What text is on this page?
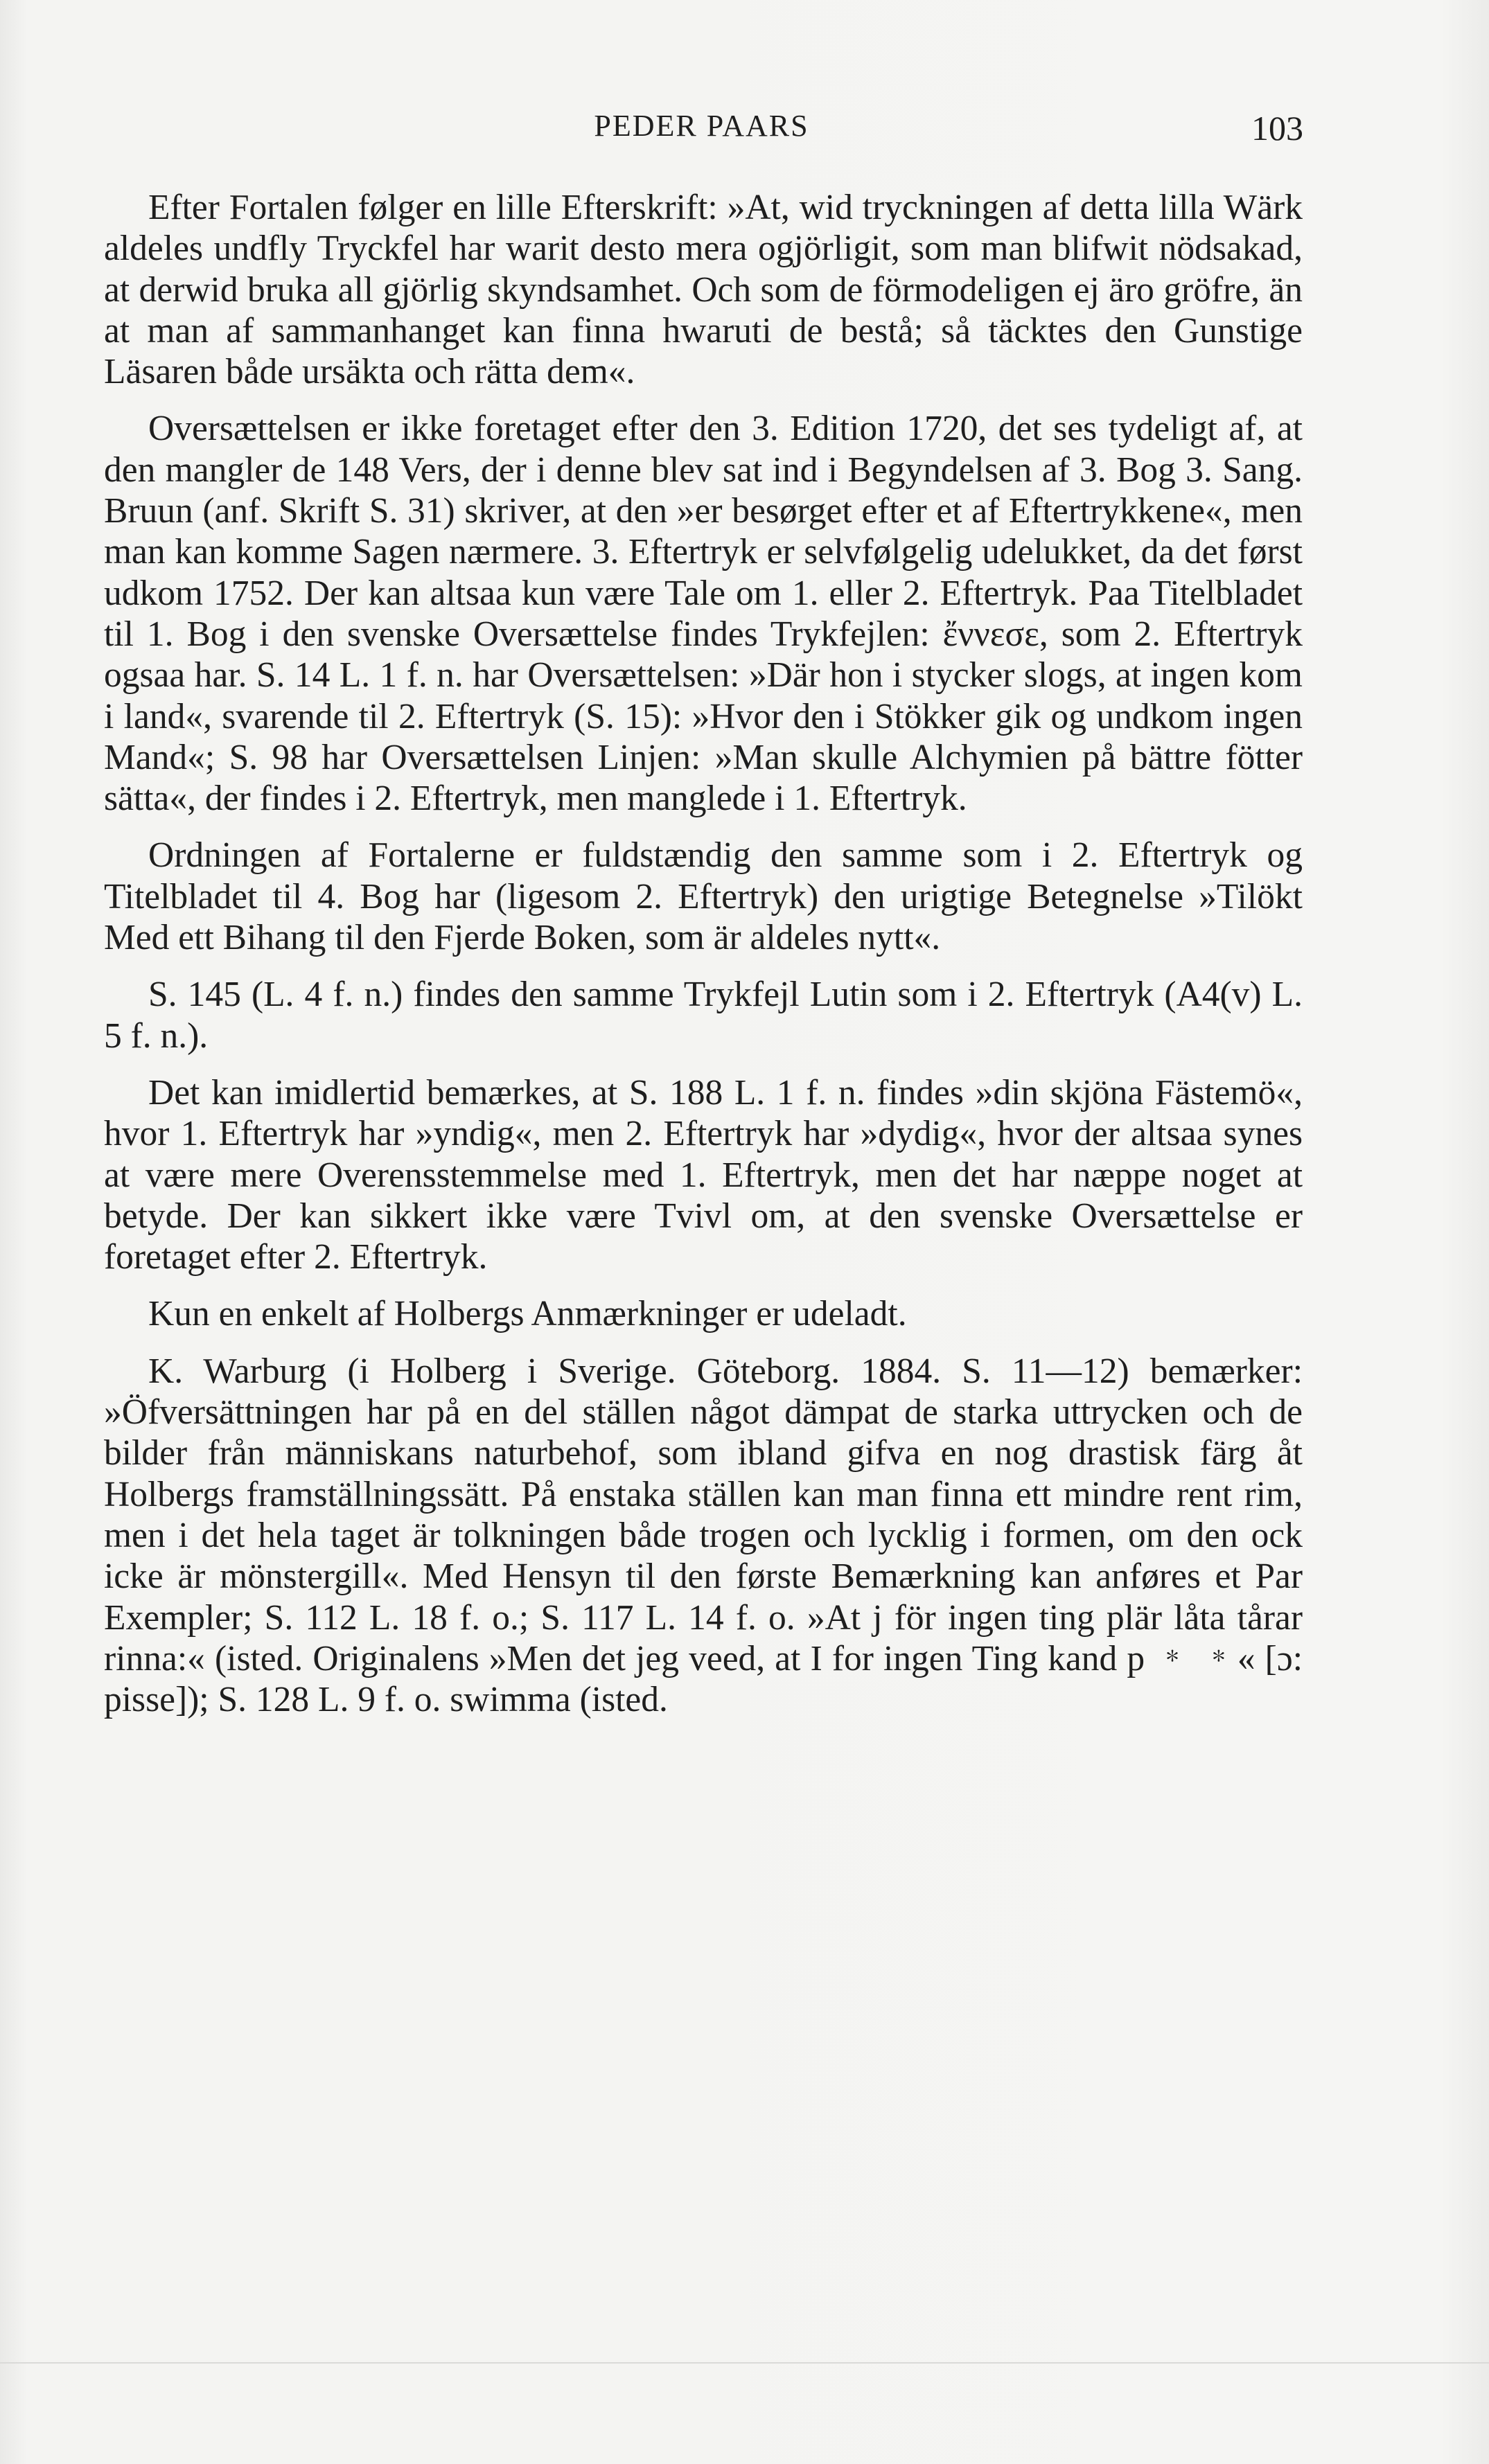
PEDER PAARS	103

Efter Fortalen følger en lille Efterskrift: »At, wid tryckningen af detta lilla Wärk aldeles undfly Tryckfel har warit desto mera ogjörligit, som man blifwit nödsakad, at derwid bruka all gjörlig skyndsamhet. Och som de förmodeligen ej äro gröfre, än at man af sammanhanget kan finna hwaruti de bestå; så täcktes den Gunstige Läsaren både ursäkta och rätta dem«.

Oversættelsen er ikke foretaget efter den 3. Edition 1720, det ses tydeligt af, at den mangler de 148 Vers, der i denne blev sat ind i Begyndelsen af 3. Bog 3. Sang. Bruun (anf. Skrift S. 31) skriver, at den »er besørget efter et af Eftertrykkene«, men man kan komme Sagen nærmere. 3. Eftertryk er selvfølgelig udelukket, da det først udkom 1752. Der kan altsaa kun være Tale om 1. eller 2. Eftertryk. Paa Titelbladet til 1. Bog i den svenske Oversættelse findes Trykfejlen: ἔννεσε, som 2. Eftertryk ogsaa har. S. 14 L. 1 f. n. har Oversættelsen: »Där hon i stycker slogs, at ingen kom i land«, svarende til 2. Eftertryk (S. 15): »Hvor den i Stökker gik og undkom ingen Mand«; S. 98 har Oversættelsen Linjen: »Man skulle Alchymien på bättre fötter sätta«, der findes i 2. Eftertryk, men manglede i 1. Eftertryk.

Ordningen af Fortalerne er fuldstændig den samme som i 2. Eftertryk og Titelbladet til 4. Bog har (ligesom 2. Eftertryk) den urigtige Betegnelse »Tilökt Med ett Bihang til den Fjerde Boken, som är aldeles nytt«.

S. 145 (L. 4 f. n.) findes den samme Trykfejl Lutin som i 2. Eftertryk (A4(v) L. 5 f. n.).

Det kan imidlertid bemærkes, at S. 188 L. 1 f. n. findes »din skjöna Fästemö«, hvor 1. Eftertryk har »yndig«, men 2. Eftertryk har »dydig«, hvor der altsaa synes at være mere Overensstemmelse med 1. Eftertryk, men det har næppe noget at betyde. Der kan sikkert ikke være Tvivl om, at den svenske Oversættelse er foretaget efter 2. Eftertryk.

Kun en enkelt af Holbergs Anmærkninger er udeladt.

K. Warburg (i Holberg i Sverige. Göteborg. 1884. S. 11—12) bemærker: »Öfversättningen har på en del ställen något dämpat de starka uttrycken och de bilder från människans naturbehof, som ibland gifva en nog drastisk färg åt Holbergs framställningssätt. På enstaka ställen kan man finna ett mindre rent rim, men i det hela taget är tolkningen både trogen och lycklig i formen, om den ock icke är mönstergill«. Med Hensyn til den første Bemærkning kan anføres et Par Exempler; S. 112 L. 18 f. o.; S. 117 L. 14 f. o. »At j för ingen ting plär låta tårar rinna:« (isted. Originalens »Men det jeg veed, at I for ingen Ting kand p ﹡ ﹡« [ɔ: pisse]); S. 128 L. 9 f. o. swimma (isted.
